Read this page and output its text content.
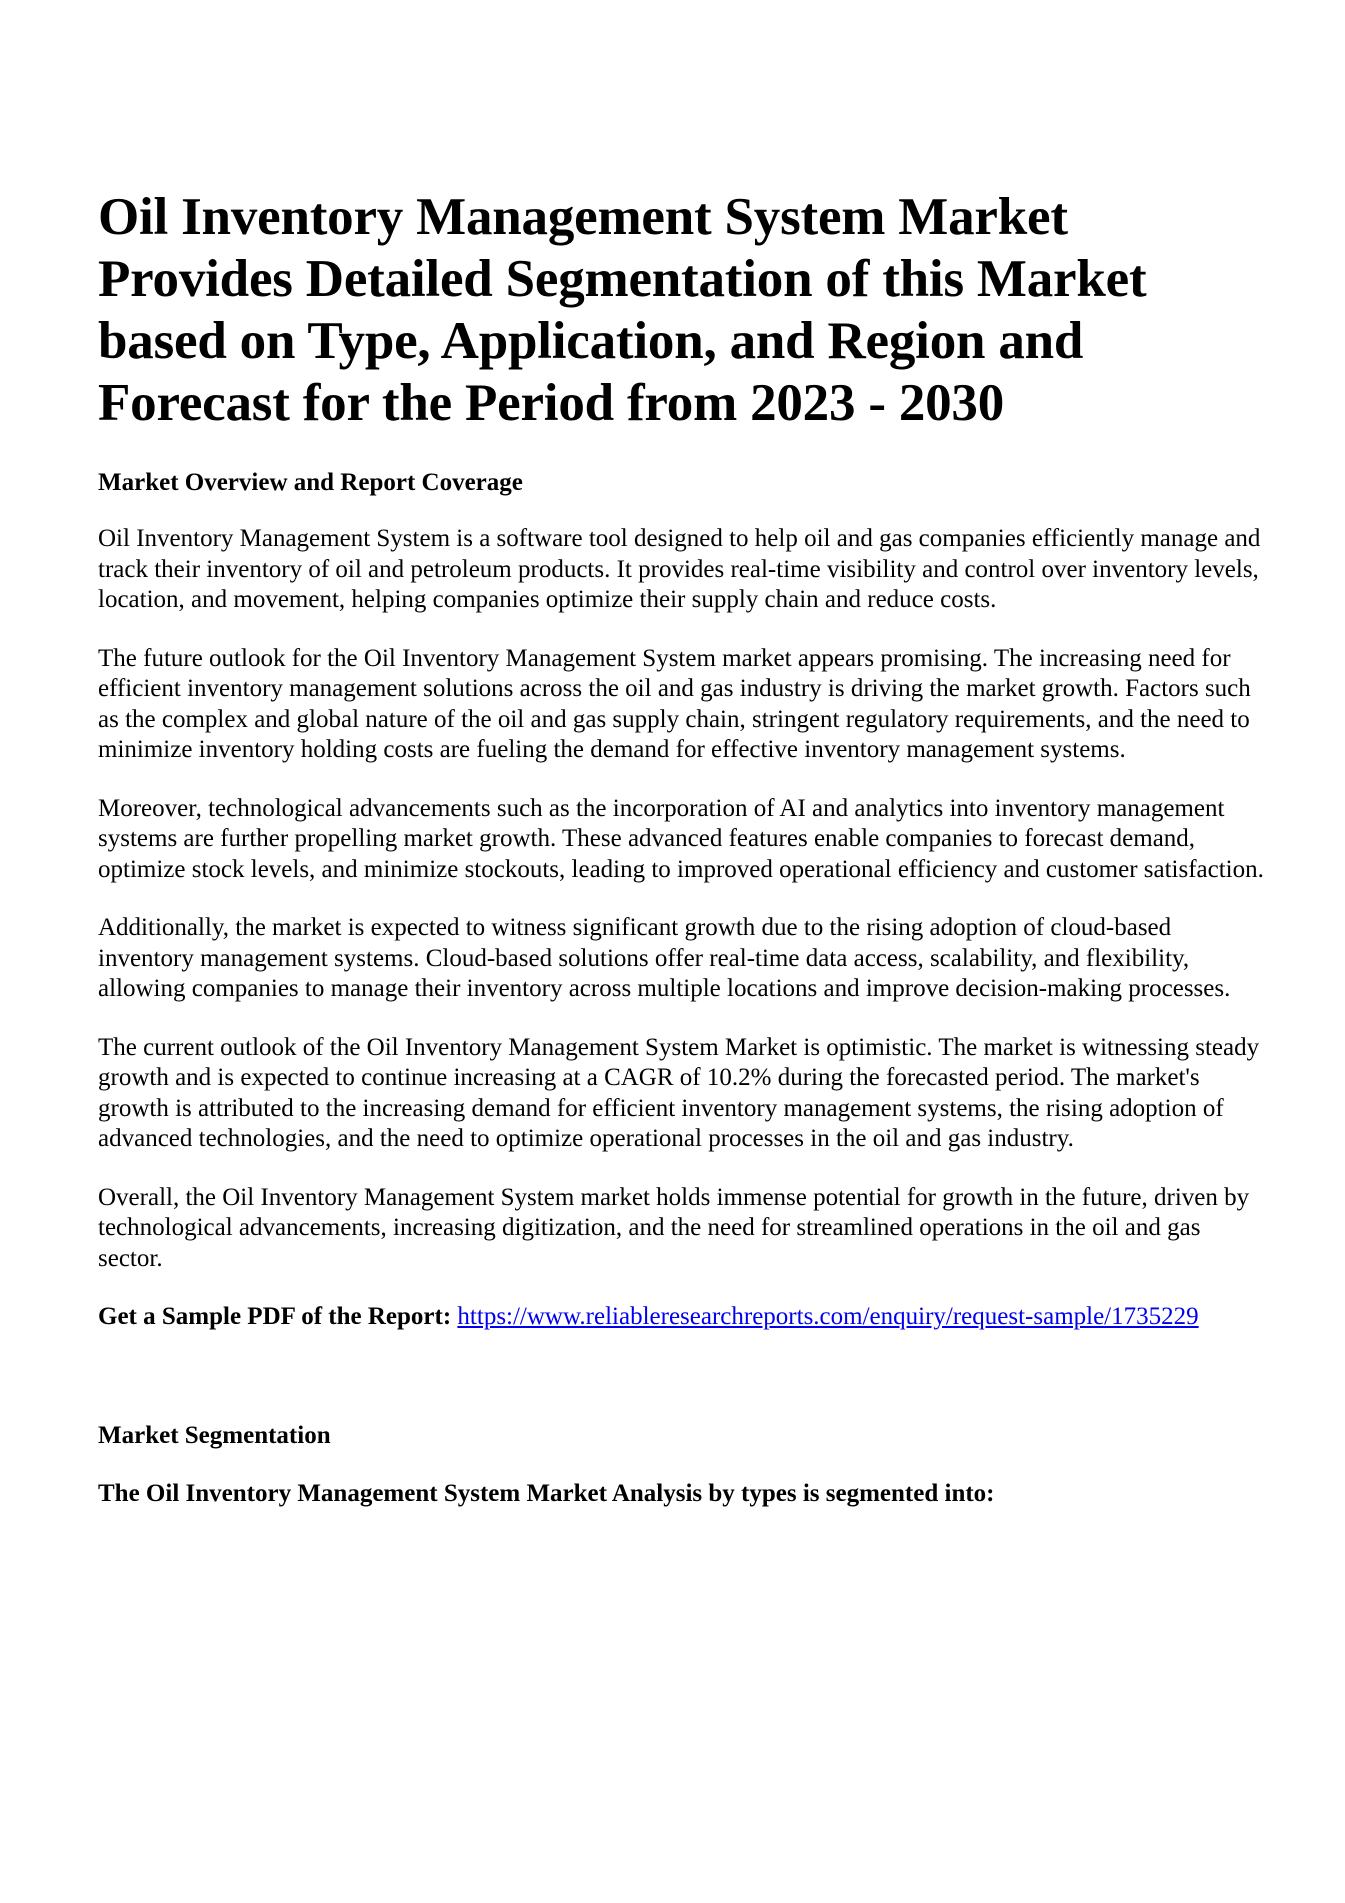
Oil Inventory Management System Market Provides Detailed Segmentation of this Market based on Type, Application, and Region and Forecast for the Period from 2023 - 2030
Market Overview and Report Coverage

Oil Inventory Management System is a software tool designed to help oil and gas companies efficiently manage and track their inventory of oil and petroleum products. It provides real-time visibility and control over inventory levels, location, and movement, helping companies optimize their supply chain and reduce costs.

The future outlook for the Oil Inventory Management System market appears promising. The increasing need for efficient inventory management solutions across the oil and gas industry is driving the market growth. Factors such as the complex and global nature of the oil and gas supply chain, stringent regulatory requirements, and the need to minimize inventory holding costs are fueling the demand for effective inventory management systems.

Moreover, technological advancements such as the incorporation of AI and analytics into inventory management systems are further propelling market growth. These advanced features enable companies to forecast demand, optimize stock levels, and minimize stockouts, leading to improved operational efficiency and customer satisfaction.

Additionally, the market is expected to witness significant growth due to the rising adoption of cloud-based inventory management systems. Cloud-based solutions offer real-time data access, scalability, and flexibility, allowing companies to manage their inventory across multiple locations and improve decision-making processes.

The current outlook of the Oil Inventory Management System Market is optimistic. The market is witnessing steady growth and is expected to continue increasing at a CAGR of 10.2% during the forecasted period. The market's growth is attributed to the increasing demand for efficient inventory management systems, the rising adoption of advanced technologies, and the need to optimize operational processes in the oil and gas industry.

Overall, the Oil Inventory Management System market holds immense potential for growth in the future, driven by technological advancements, increasing digitization, and the need for streamlined operations in the oil and gas sector.

Get a Sample PDF of the Report: https://www.reliableresearchreports.com/enquiry/request-sample/1735229

Market Segmentation
The Oil Inventory Management System Market Analysis by types is segmented into:
